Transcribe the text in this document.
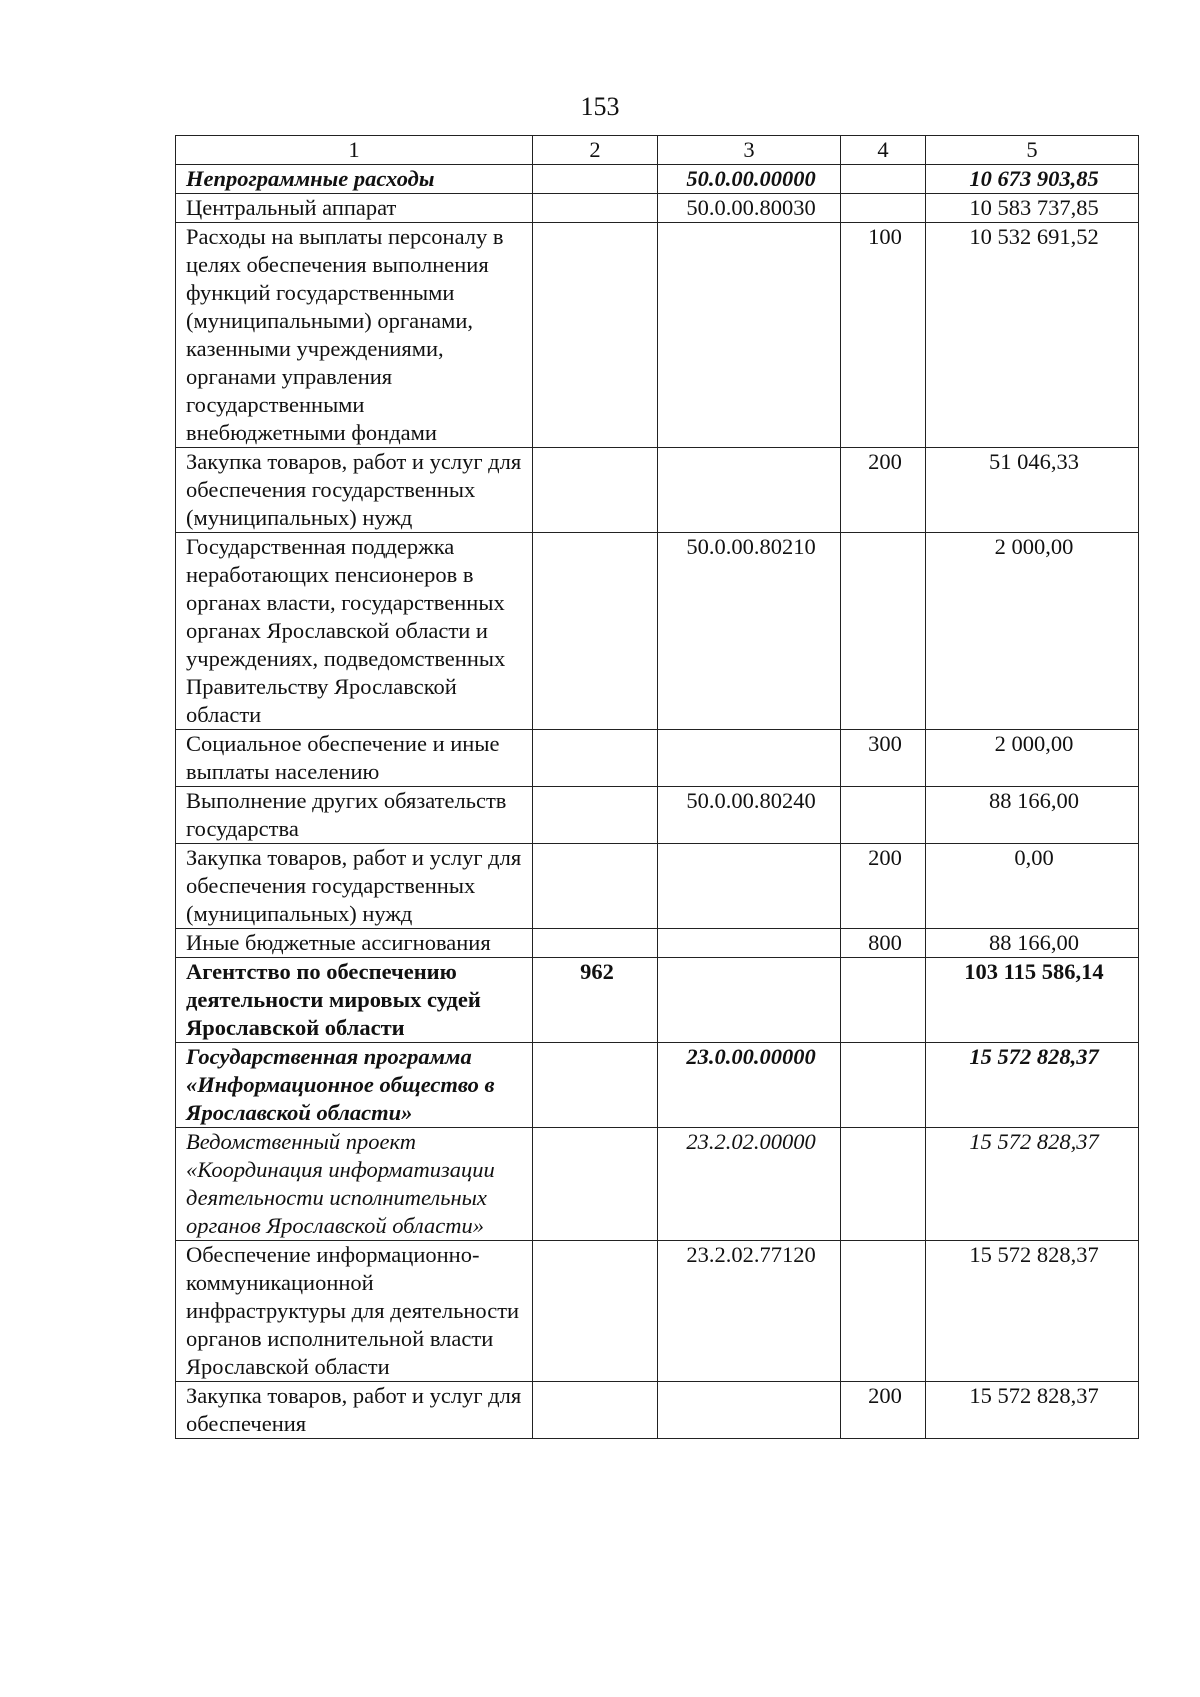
153
1	2	3	4	5
Непрограммные расходы		50.0.00.00000		10 673 903,85
Центральный аппарат		50.0.00.80030		10 583 737,85
Расходы на выплаты персоналу в целях обеспечения выполнения функций государственными (муниципальными) органами, казенными учреждениями, органами управления государственными внебюджетными фондами			100	10 532 691,52
Закупка товаров, работ и услуг для обеспечения государственных (муниципальных) нужд			200	51 046,33
Государственная поддержка неработающих пенсионеров в органах власти, государственных органах Ярославской области и учреждениях, подведомственных Правительству Ярославской области		50.0.00.80210		2 000,00
Социальное обеспечение и иные выплаты населению			300	2 000,00
Выполнение других обязательств государства		50.0.00.80240		88 166,00
Закупка товаров, работ и услуг для обеспечения государственных (муниципальных) нужд			200	0,00
Иные бюджетные ассигнования			800	88 166,00
Агентство по обеспечению деятельности мировых судей Ярославской области	962			103 115 586,14
Государственная программа «Информационное общество в Ярославской области»		23.0.00.00000		15 572 828,37
Ведомственный проект «Координация информатизации деятельности исполнительных органов Ярославской области»		23.2.02.00000		15 572 828,37
Обеспечение информационно-коммуникационной инфраструктуры для деятельности органов исполнительной власти Ярославской области		23.2.02.77120		15 572 828,37
Закупка товаров, работ и услуг для обеспечения			200	15 572 828,37
